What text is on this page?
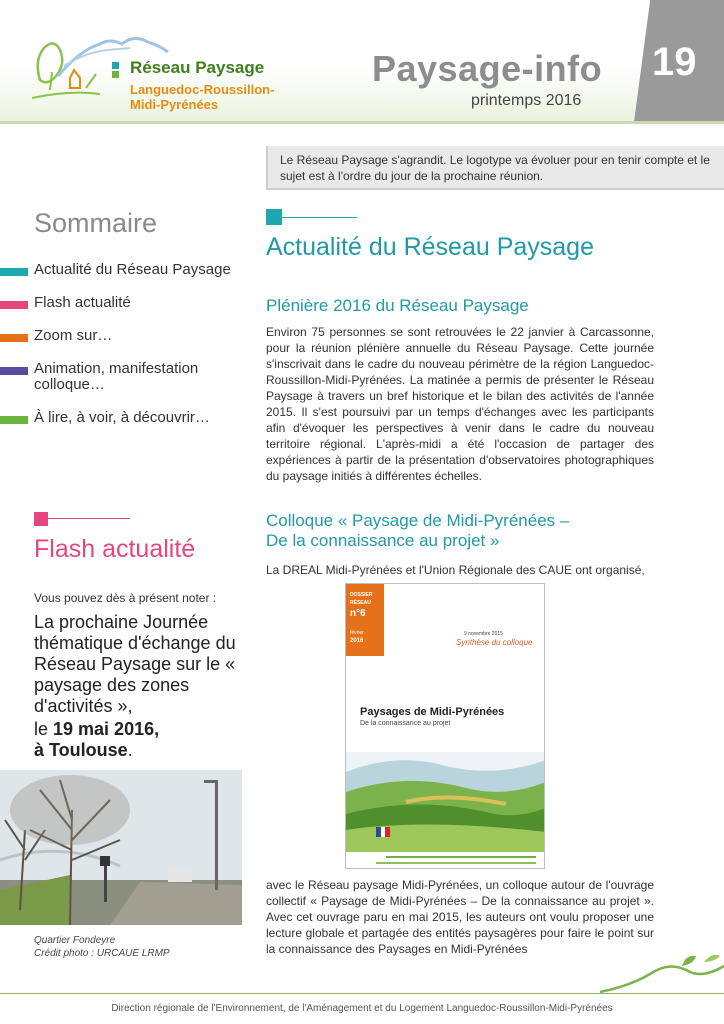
Réseau Paysage
Languedoc-Roussillon-
Midi-Pyrénées
Paysage-info
printemps 2016
19
Sommaire
Actualité du Réseau Paysage
Flash actualité
Zoom sur…
Animation, manifestation colloque…
À lire, à voir, à découvrir…
Flash actualité
Vous pouvez dès à présent noter :
La prochaine Journée thématique d'échange du Réseau Paysage sur le « paysage des zones d'activités »,
le 19 mai 2016,
à Toulouse.
Quartier Fondeyre
Crédit photo : URCAUE LRMP
Le Réseau Paysage s'agrandit. Le logotype va évoluer pour en tenir compte et le sujet est à l'ordre du jour de la prochaine réunion.
Actualité du Réseau Paysage
Plénière 2016 du Réseau Paysage
Environ 75 personnes se sont retrouvées le 22 janvier à Carcassonne, pour la réunion plénière annuelle du Réseau Paysage. Cette journée s'inscrivait dans le cadre du nouveau périmètre de la région Languedoc-Roussillon-Midi-Pyrénées. La matinée a permis de présenter le Réseau Paysage à travers un bref historique et le bilan des activités de l'année 2015. Il s'est poursuivi par un temps d'échanges avec les participants afin d'évoquer les perspectives à venir dans le cadre du nouveau territoire régional. L'après-midi a été l'occasion de partager des expériences à partir de la présentation d'observatoires photographiques du paysage initiés à différentes échelles.
Colloque « Paysage de Midi-Pyrénées –
De la connaissance au projet »
La DREAL Midi-Pyrénées et l'Union Régionale des CAUE ont organisé,
DOSSIER
RÉSEAU
n°6
février
2016
9 novembre 2015
Synthèse du colloque
Paysages de Midi-Pyrénées
De la connaissance au projet
avec le Réseau paysage Midi-Pyrénées, un colloque autour de l'ouvrage collectif « Paysage de Midi-Pyrénées – De la connaissance au projet ». Avec cet ouvrage paru en mai 2015, les auteurs ont voulu proposer une lecture globale et partagée des entités paysagères pour faire le point sur la connaissance des Paysages en Midi-Pyrénées
Direction régionale de l'Environnement, de l'Aménagement et du Logement Languedoc-Roussillon-Midi-Pyrénées
